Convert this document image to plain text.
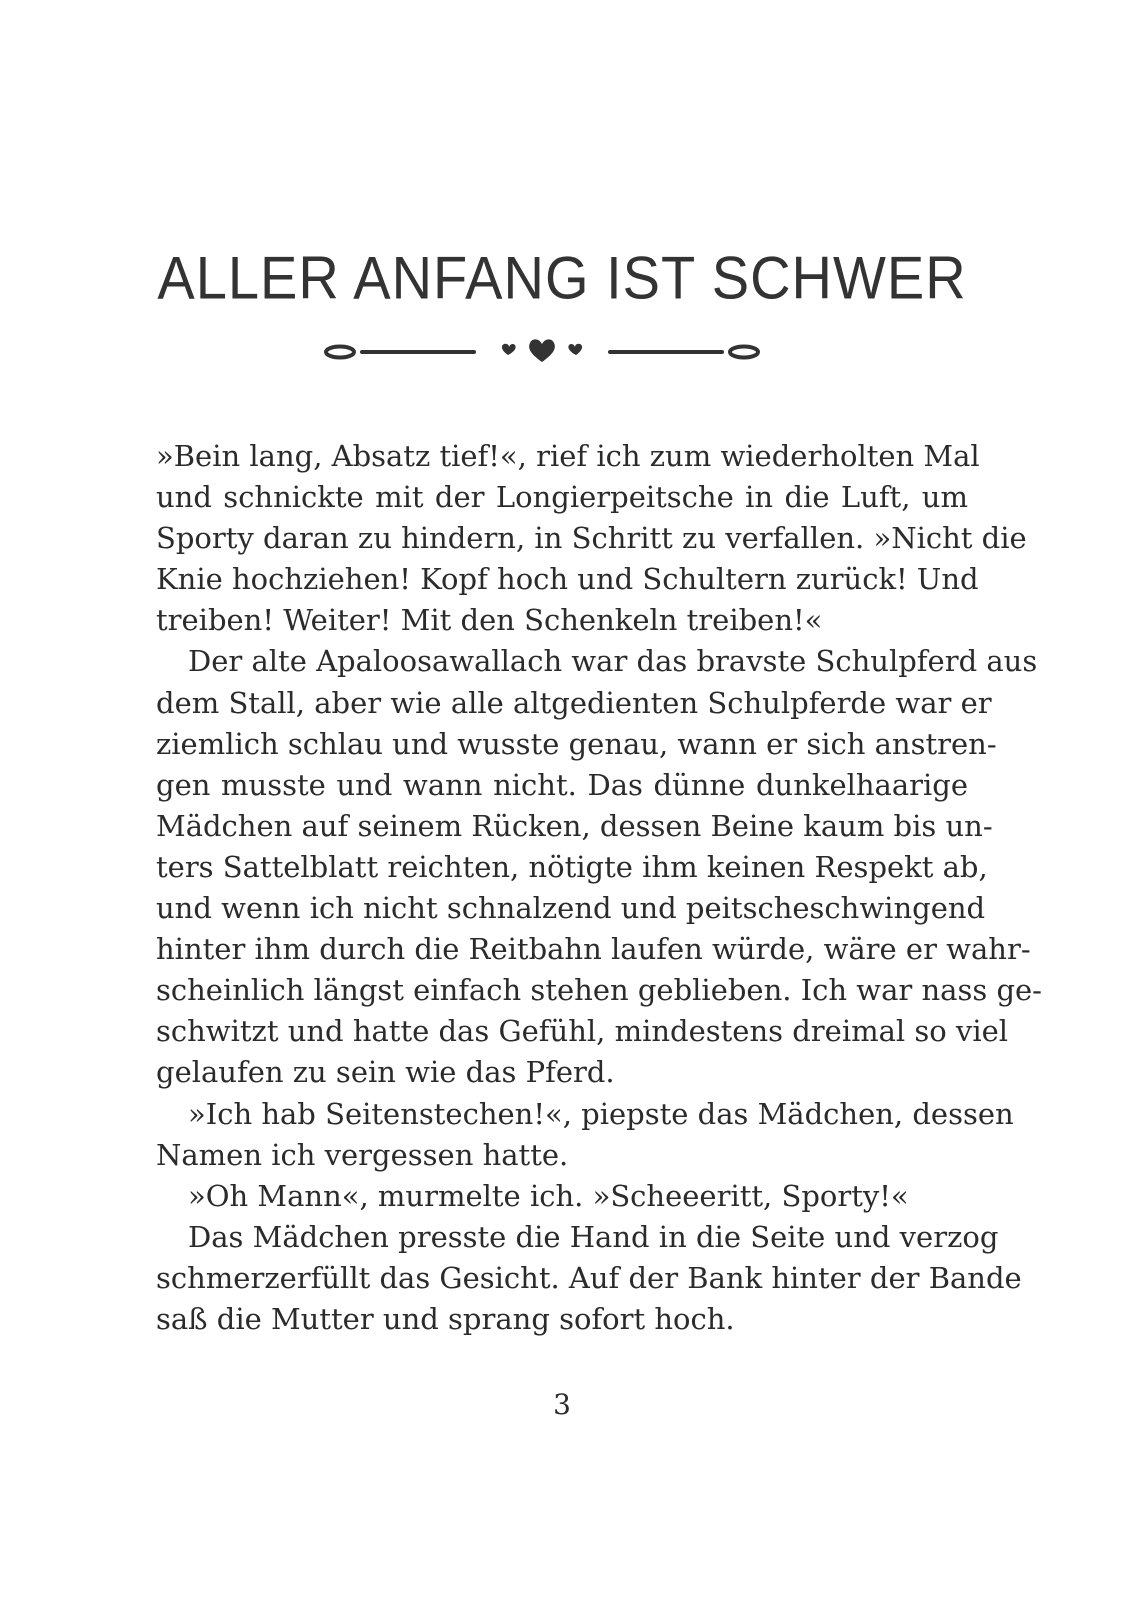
ALLER ANFANG IST SCHWER
»Bein lang, Absatz tief!«, rief ich zum wiederholten Mal
und schnickte mit der Longierpeitsche in die Luft, um
Sporty daran zu hindern, in Schritt zu verfallen. »Nicht die
Knie hochziehen! Kopf hoch und Schultern zurück! Und
treiben! Weiter! Mit den Schenkeln treiben!«
Der alte Apaloosawallach war das bravste Schulpferd aus
dem Stall, aber wie alle altgedienten Schulpferde war er
ziemlich schlau und wusste genau, wann er sich anstren-
gen musste und wann nicht. Das dünne dunkelhaarige
Mädchen auf seinem Rücken, dessen Beine kaum bis un-
ters Sattelblatt reichten, nötigte ihm keinen Respekt ab,
und wenn ich nicht schnalzend und peitscheschwingend
hinter ihm durch die Reitbahn laufen würde, wäre er wahr-
scheinlich längst einfach stehen geblieben. Ich war nass ge-
schwitzt und hatte das Gefühl, mindestens dreimal so viel
gelaufen zu sein wie das Pferd.
»Ich hab Seitenstechen!«, piepste das Mädchen, dessen
Namen ich vergessen hatte.
»Oh Mann«, murmelte ich. »Scheeeritt, Sporty!«
Das Mädchen presste die Hand in die Seite und verzog
schmerzerfüllt das Gesicht. Auf der Bank hinter der Bande
saß die Mutter und sprang sofort hoch.
3
